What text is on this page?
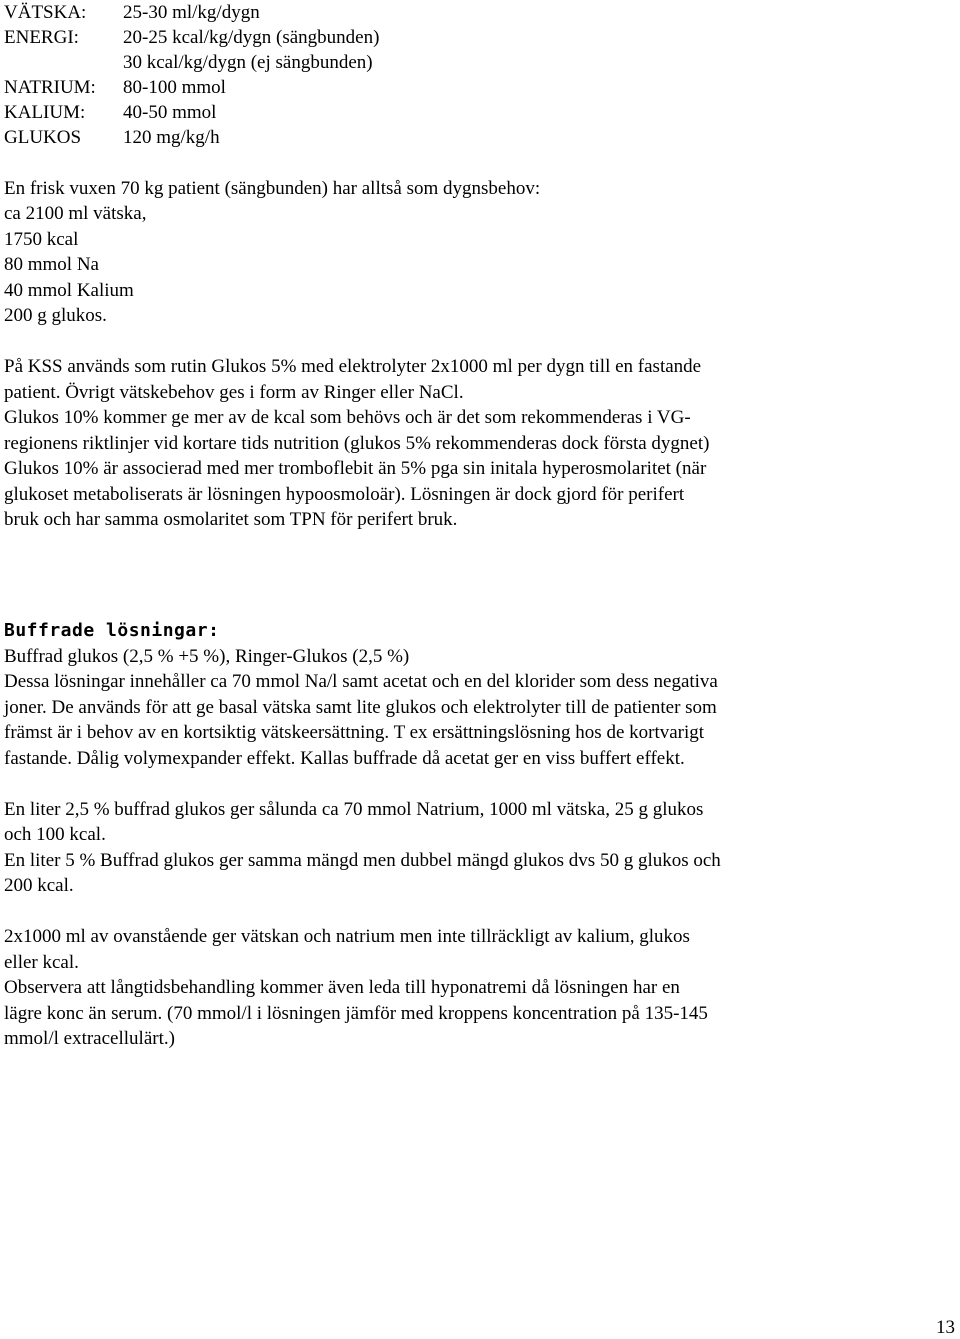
VÄTSKA:	25-30 ml/kg/dygn
ENERGI:	20-25 kcal/kg/dygn (sängbunden)
30 kcal/kg/dygn (ej sängbunden)
NATRIUM:	80-100 mmol
KALIUM:	40-50 mmol
GLUKOS	120 mg/kg/h
En frisk vuxen 70 kg patient (sängbunden) har alltså som dygnsbehov:
ca 2100 ml vätska,
1750 kcal
80 mmol Na
40 mmol Kalium
200 g glukos.
På KSS används som rutin Glukos 5% med elektrolyter 2x1000 ml per dygn till en fastande
patient. Övrigt vätskebehov ges i form av Ringer eller NaCl.
Glukos 10% kommer ge mer av de kcal som behövs och är det som rekommenderas i VG-
regionens riktlinjer vid kortare tids nutrition (glukos 5% rekommenderas dock första dygnet)
Glukos 10% är associerad med mer tromboflebit än 5% pga sin initala hyperosmolaritet (när
glukoset metaboliserats är lösningen hypoosmoloär). Lösningen är dock gjord för perifert
bruk och har samma osmolaritet som TPN för perifert bruk.
Buffrade lösningar:
Buffrad glukos (2,5 % +5 %), Ringer-Glukos (2,5 %)
Dessa lösningar innehåller ca 70 mmol Na/l samt acetat och en del klorider som dess negativa
joner. De används för att ge basal vätska samt lite glukos och elektrolyter till de patienter som
främst är i behov av en kortsiktig vätskeersättning. T ex ersättningslösning hos de kortvarigt
fastande. Dålig volymexpander effekt. Kallas buffrade då acetat ger en viss buffert effekt.
En liter 2,5 % buffrad glukos ger sålunda ca 70 mmol Natrium, 1000 ml vätska, 25 g glukos
och 100 kcal.
En liter 5 % Buffrad glukos ger samma mängd men dubbel mängd glukos dvs 50 g glukos och
200 kcal.
2x1000 ml av ovanstående ger vätskan och natrium men inte tillräckligt av kalium, glukos
eller kcal.
Observera att långtidsbehandling kommer även leda till hyponatremi då lösningen har en
lägre konc än serum. (70 mmol/l i lösningen jämför med kroppens koncentration på 135-145
mmol/l extracellulärt.)
13
